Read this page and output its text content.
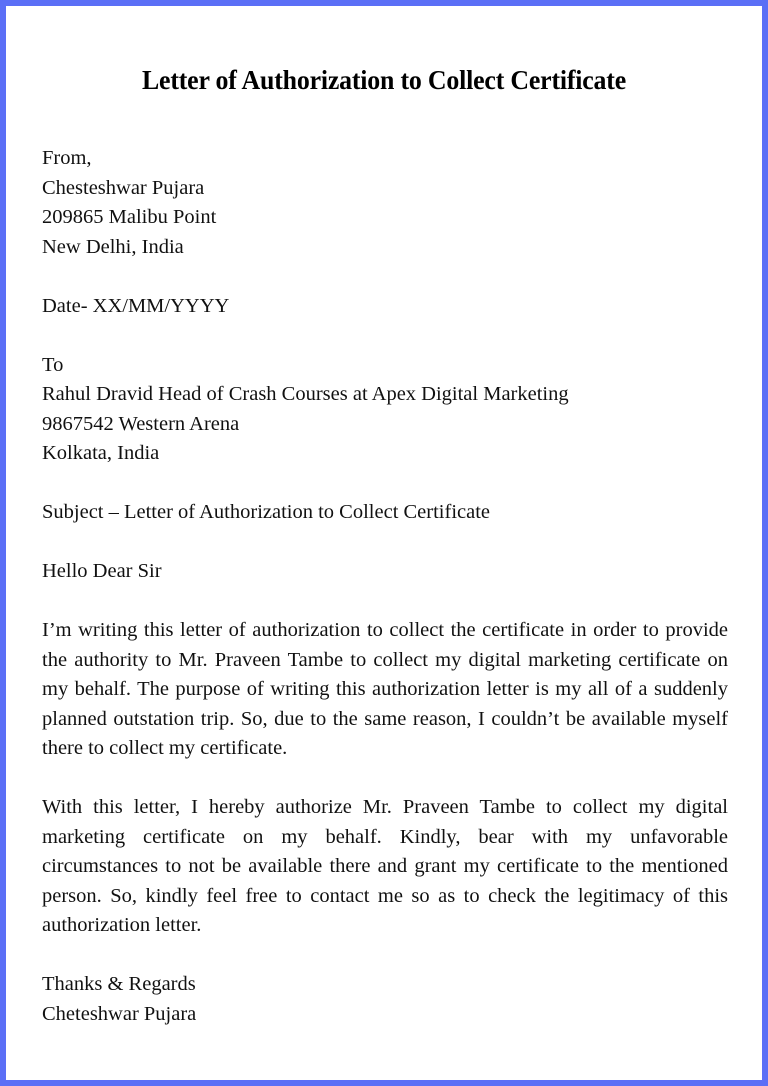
Letter of Authorization to Collect Certificate
From,
Chesteshwar Pujara
209865 Malibu Point
New Delhi, India
Date- XX/MM/YYYY
To
Rahul Dravid Head of Crash Courses at Apex Digital Marketing
9867542 Western Arena
Kolkata, India
Subject – Letter of Authorization to Collect Certificate
Hello Dear Sir

I’m writing this letter of authorization to collect the certificate in order to provide the authority to Mr. Praveen Tambe to collect my digital marketing certificate on my behalf. The purpose of writing this authorization letter is my all of a suddenly planned outstation trip. So, due to the same reason, I couldn’t be available myself there to collect my certificate.

With this letter, I hereby authorize Mr. Praveen Tambe to collect my digital marketing certificate on my behalf. Kindly, bear with my unfavorable circumstances to not be available there and grant my certificate to the mentioned person. So, kindly feel free to contact me so as to check the legitimacy of this authorization letter.

Thanks & Regards
Cheteshwar Pujara
